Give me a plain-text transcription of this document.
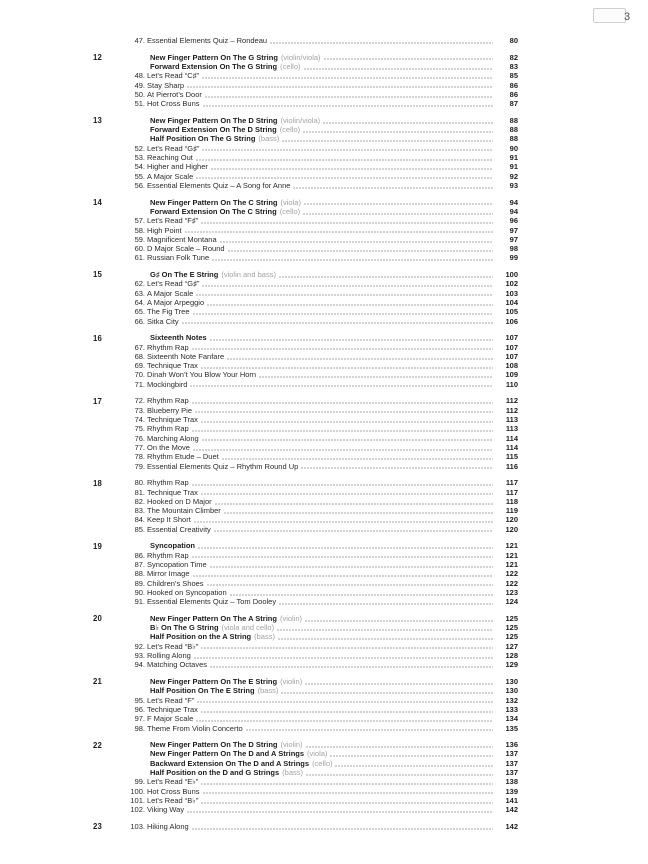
3
47. Essential Elements Quiz – Rondeau	80
12	New Finger Pattern On The G String (violin/viola)	82
Forward Extension On The G String (cello)	83
48. Let’s Read “C♯”	85
49. Stay Sharp	86
50. At Pierrot’s Door	86
51. Hot Cross Buns	87
13	New Finger Pattern On The D String (violin/viola)	88
Forward Extension On The D String (cello)	88
Half Position On The G String (bass)	88
52. Let’s Read “G♯”	90
53. Reaching Out	91
54. Higher and Higher	91
55. A Major Scale	92
56. Essential Elements Quiz – A Song for Anne	93
14	New Finger Pattern On The C String (viola)	94
Forward Extension On The C String (cello)	94
57. Let’s Read “F♯”	96
58. High Point	97
59. Magnificent Montana	97
60. D Major Scale – Round	98
61. Russian Folk Tune	99
15	G♯ On The E String (violin and bass)	100
62. Let’s Read “G♯”	102
63. A Major Scale	103
64. A Major Arpeggio	104
65. The Fig Tree	105
66. Sitka City	106
16	Sixteenth Notes	107
67. Rhythm Rap	107
68. Sixteenth Note Fanfare	107
69. Technique Trax	108
70. Dinah Won’t You Blow Your Horn	109
71. Mockingbird	110
17	72. Rhythm Rap	112
73. Blueberry Pie	112
74. Technique Trax	113
75. Rhythm Rap	113
76. Marching Along	114
77. On the Move	114
78. Rhythm Etude – Duet	115
79. Essential Elements Quiz – Rhythm Round Up	116
18	80. Rhythm Rap	117
81. Technique Trax	117
82. Hooked on D Major	118
83. The Mountain Climber	119
84. Keep It Short	120
85. Essential Creativity	120
19	Syncopation	121
86. Rhythm Rap	121
87. Syncopation Time	121
88. Mirror Image	122
89. Children’s Shoes	122
90. Hooked on Syncopation	123
91. Essential Elements Quiz – Tom Dooley	124
20	New Finger Pattern On The A String (violin)	125
B♭ On The G String (viola and cello)	125
Half Position on the A String (bass)	125
92. Let’s Read “B♭”	127
93. Rolling Along	128
94. Matching Octaves	129
21	New Finger Pattern On The E String (violin)	130
Half Position On The E String (bass)	130
95. Let’s Read “F”	132
96. Technique Trax	133
97. F Major Scale	134
98. Theme From Violin Concerto	135
22	New Finger Pattern On The D String (violin)	136
New Finger Pattern On The D and A Strings (viola)	137
Backward Extension On The D and A Strings (cello)	137
Half Position on the D and G Strings (bass)	137
99. Let’s Read “E♭”	138
100. Hot Cross Buns	139
101. Let’s Read “B♭”	141
102. Viking Way	142
23	103. Hiking Along	142
